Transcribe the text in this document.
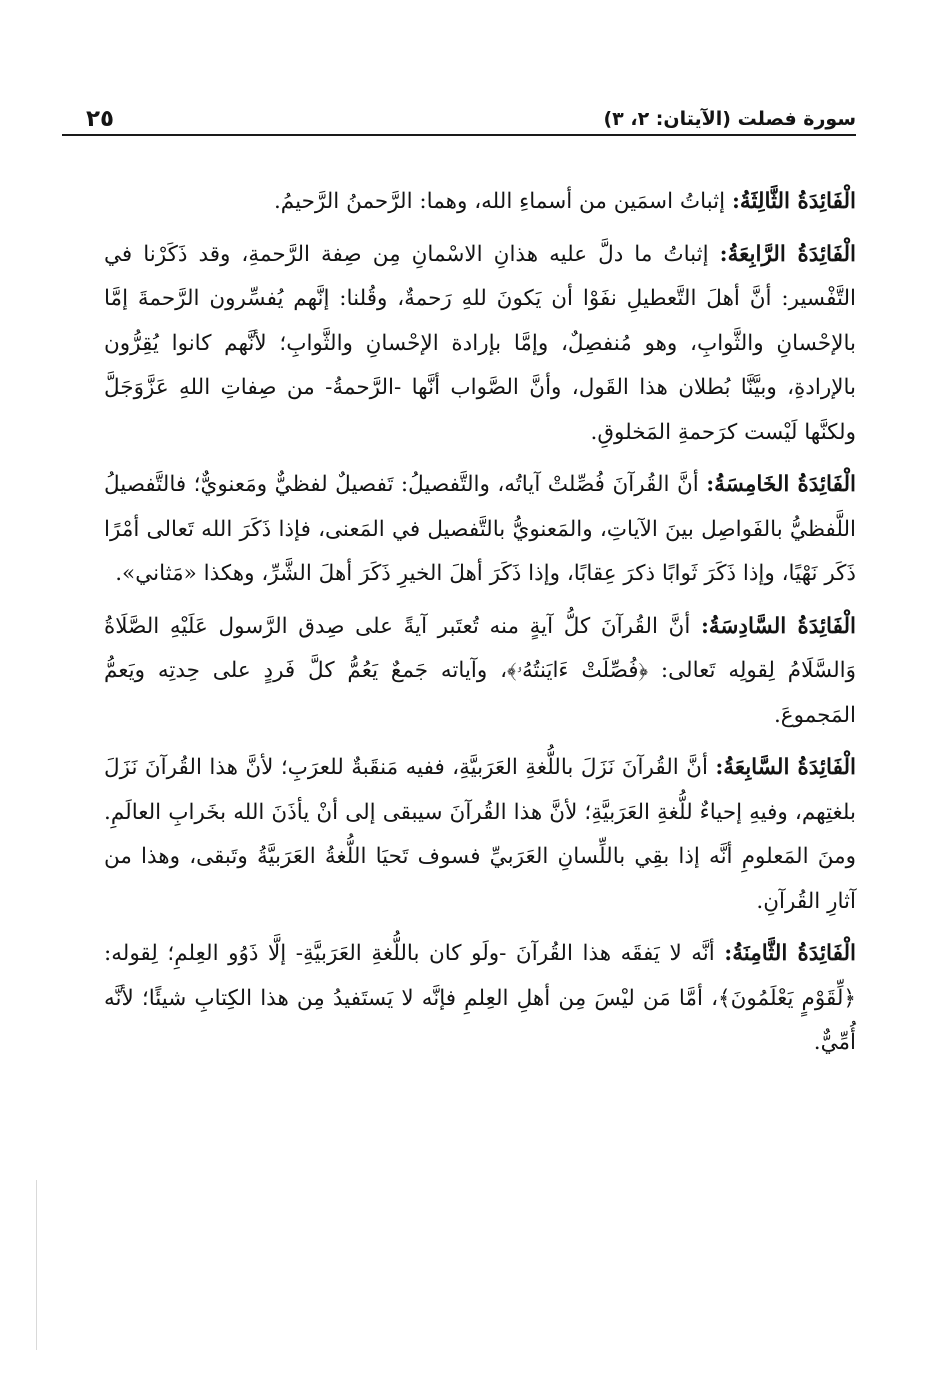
٢٥	سورة فصلت (الآيتان: ٢، ٣)

الْفَائِدَةُ الثَّالِثَةُ: إثباتُ اسمَين من أسماءِ الله، وهما: الرَّحمنُ الرَّحيمُ.

الْفَائِدَةُ الرَّابِعَةُ: إثباتُ ما دلَّ عليه هذانِ الاسْمانِ مِن صِفة الرَّحمةِ، وقد ذَكَرْنا في التَّفْسير: أنَّ أهلَ التَّعطيلِ نفَوْا أن يَكونَ للهِ رَحمةٌ، وقُلنا: إنَّهم يُفسِّرون الرَّحمةَ إمَّا بالإحْسانِ والثَّوابِ، وهو مُنفصِلٌ، وإمَّا بإرادة الإحْسانِ والثَّوابِ؛ لأنَّهم كانوا يُقِرُّون بالإرادةِ، وبيَّنَّا بُطلان هذا القَول، وأنَّ الصَّواب أنَّها -الرَّحمةُ- من صِفاتِ اللهِ عَزَّوَجَلَّ ولكنَّها لَيْست كرَحمةِ المَخلوقِ.

الْفَائِدَةُ الخَامِسَةُ: أنَّ القُرآنَ فُصِّلتْ آياتُه، والتَّفصيلُ: تَفصيلٌ لفظيٌّ ومَعنويٌّ؛ فالتَّفصيلُ اللَّفظيُّ بالفَواصِل بينَ الآياتِ، والمَعنويُّ بالتَّفصيل في المَعنى، فإذا ذَكَرَ الله تَعالى أمْرًا ذَكَر نَهْيًا، وإذا ذَكَرَ ثَوابًا ذكرَ عِقابًا، وإذا ذَكَرَ أهلَ الخيرِ ذَكَرَ أهلَ الشَّرِّ، وهكذا «مَثاني».

الْفَائِدَةُ السَّادِسَةُ: أنَّ القُرآنَ كلُّ آيةٍ منه تُعتَبر آيةً على صِدق الرَّسول عَلَيْهِ الصَّلَاةُ وَالسَّلَامُ لِقولِه تَعالى: ﴿فُصِّلَتْ ءَايَنتُهُۥ﴾، وآياته جَمعٌ يَعُمُّ كلَّ فَردٍ على حِدتِه ويَعمُّ المَجموعَ.

الْفَائِدَةُ السَّابِعَةُ: أنَّ القُرآنَ نَزَلَ باللُّغةِ العَرَبيَّةِ، ففيه مَنقَبةٌ للعرَبِ؛ لأنَّ هذا القُرآنَ نَزَلَ بلغتِهم، وفيهِ إحياءٌ للُّغةِ العَرَبيَّةِ؛ لأنَّ هذا القُرآنَ سيبقى إلى أنْ يأذَنَ الله بخَرابِ العالَمِ. ومنَ المَعلومِ أنَّه إذا بقِي باللِّسانِ العَرَبيِّ فسوف تَحيَا اللُّغةُ العَرَبيَّةُ وتَبقى، وهذا من آثارِ القُرآنِ.

الْفَائِدَةُ الثَّامِنَةُ: أنَّه لا يَفقَه هذا القُرآنَ -ولَو كان باللُّغةِ العَرَبيَّةِ- إلَّا ذَوُو العِلمِ؛ لِقوله: ﴿لِّقَوْمٍ يَعْلَمُونَ﴾، أمَّا مَن ليْسَ مِن أهلِ العِلمِ فإنَّه لا يَستَفيدُ مِن هذا الكِتابِ شيئًا؛ لأنَّه أُمِّيٌّ.
